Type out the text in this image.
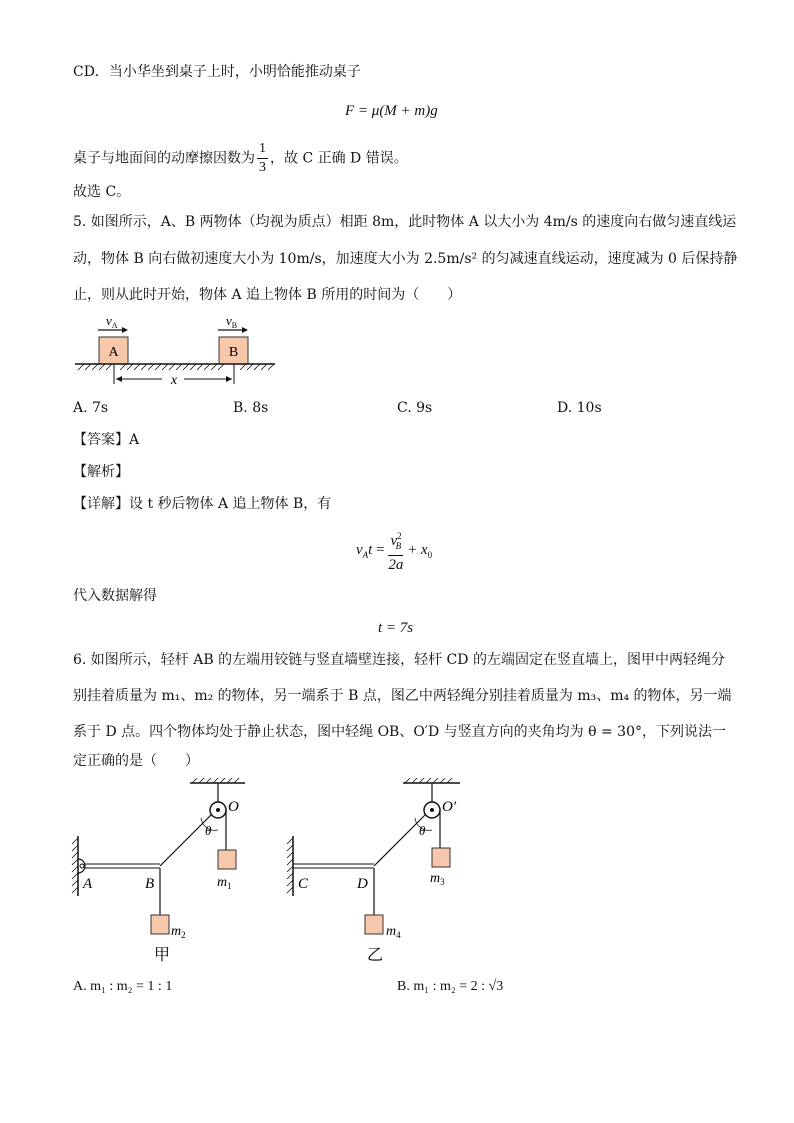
CD．当小华坐到桌子上时，小明恰能推动桌子
F = μ(M + m)g
桌子与地面间的动摩擦因数为 $\frac{1}{3}$ ，故 C 正确 D 错误。
故选 C。
5. 如图所示，A、B 两物体（均视为质点）相距 8m，此时物体 A 以大小为 4m/s 的速度向右做匀速直线运
动，物体 B 向右做初速度大小为 10m/s，加速度大小为 2.5m/s² 的匀减速直线运动，速度减为 0 后保持静
止，则从此时开始，物体 A 追上物体 B 所用的时间为（　　）
$v_A$	$v_B$
A	B
x
A. 7s	B. 8s	C. 9s	D. 10s
【答案】A
【解析】
【详解】设 t 秒后物体 A 追上物体 B，有
$v_At = \frac{v^2_B}{2a} + x_0$
代入数据解得
t = 7s
6. 如图所示，轻杆 AB 的左端用铰链与竖直墙壁连接，轻杆 CD 的左端固定在竖直墙上，图甲中两轻绳分
别挂着质量为 m₁、m₂ 的物体，另一端系于 B 点，图乙中两轻绳分别挂着质量为 m₃、m₄ 的物体，另一端
系于 D 点。四个物体均处于静止状态，图中轻绳 OB、O′D 与竖直方向的夹角均为 θ = 30°，下列说法一
定正确的是（　　）
O
θ
$m_1$
$m_2$
A	B
甲
O′
θ
$m_3$
$m_4$
C	D
乙
A. m₁ : m₂ = 1 : 1	B. m₁ : m₂ = 2 : √3
